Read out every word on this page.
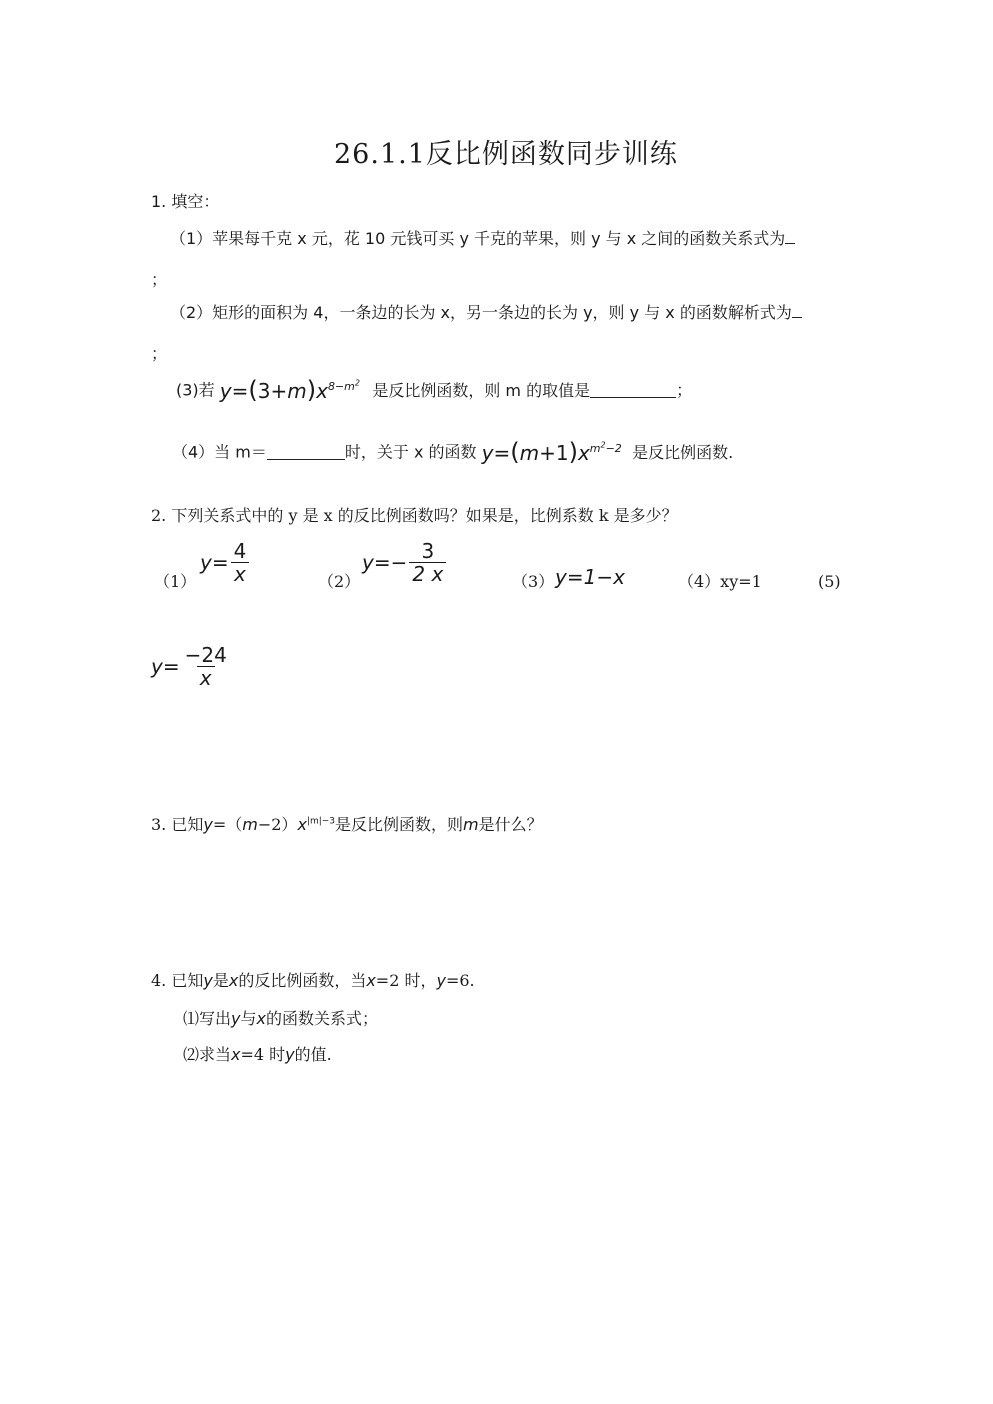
26.1.1反比例函数同步训练
1. 填空：
（1）苹果每千克 x 元，花 10 元钱可买 y 千克的苹果，则 y 与 x 之间的函数关系式为
；
（2）矩形的面积为 4，一条边的长为 x，另一条边的长为 y，则 y 与 x 的函数解析式为
；
(3)若 $y=(3+m)x^{8-m^2}$ 是反比例函数，则 m 的取值是	；
（4）当 m＝	时，关于 x 的函数 $y=(m+1)x^{m^2-2}$ 是反比例函数.
2. 下列关系式中的 y 是 x 的反比例函数吗？如果是，比例系数 k 是多少？
（1）
$y= \frac{4}{x}$	（2）
$y=- \frac{3}{2 x}$	（3） y=1−x	（4）xy=1	(5)
$y= \frac{-24}{x}$
3. 已知$y=(m-2)x^{|m|-3}$是反比例函数，则m是什么？
4. 已知y是x的反比例函数，当x=2 时，y=6.
⑴写出y与x的函数关系式；
⑵求当x=4 时y的值.
